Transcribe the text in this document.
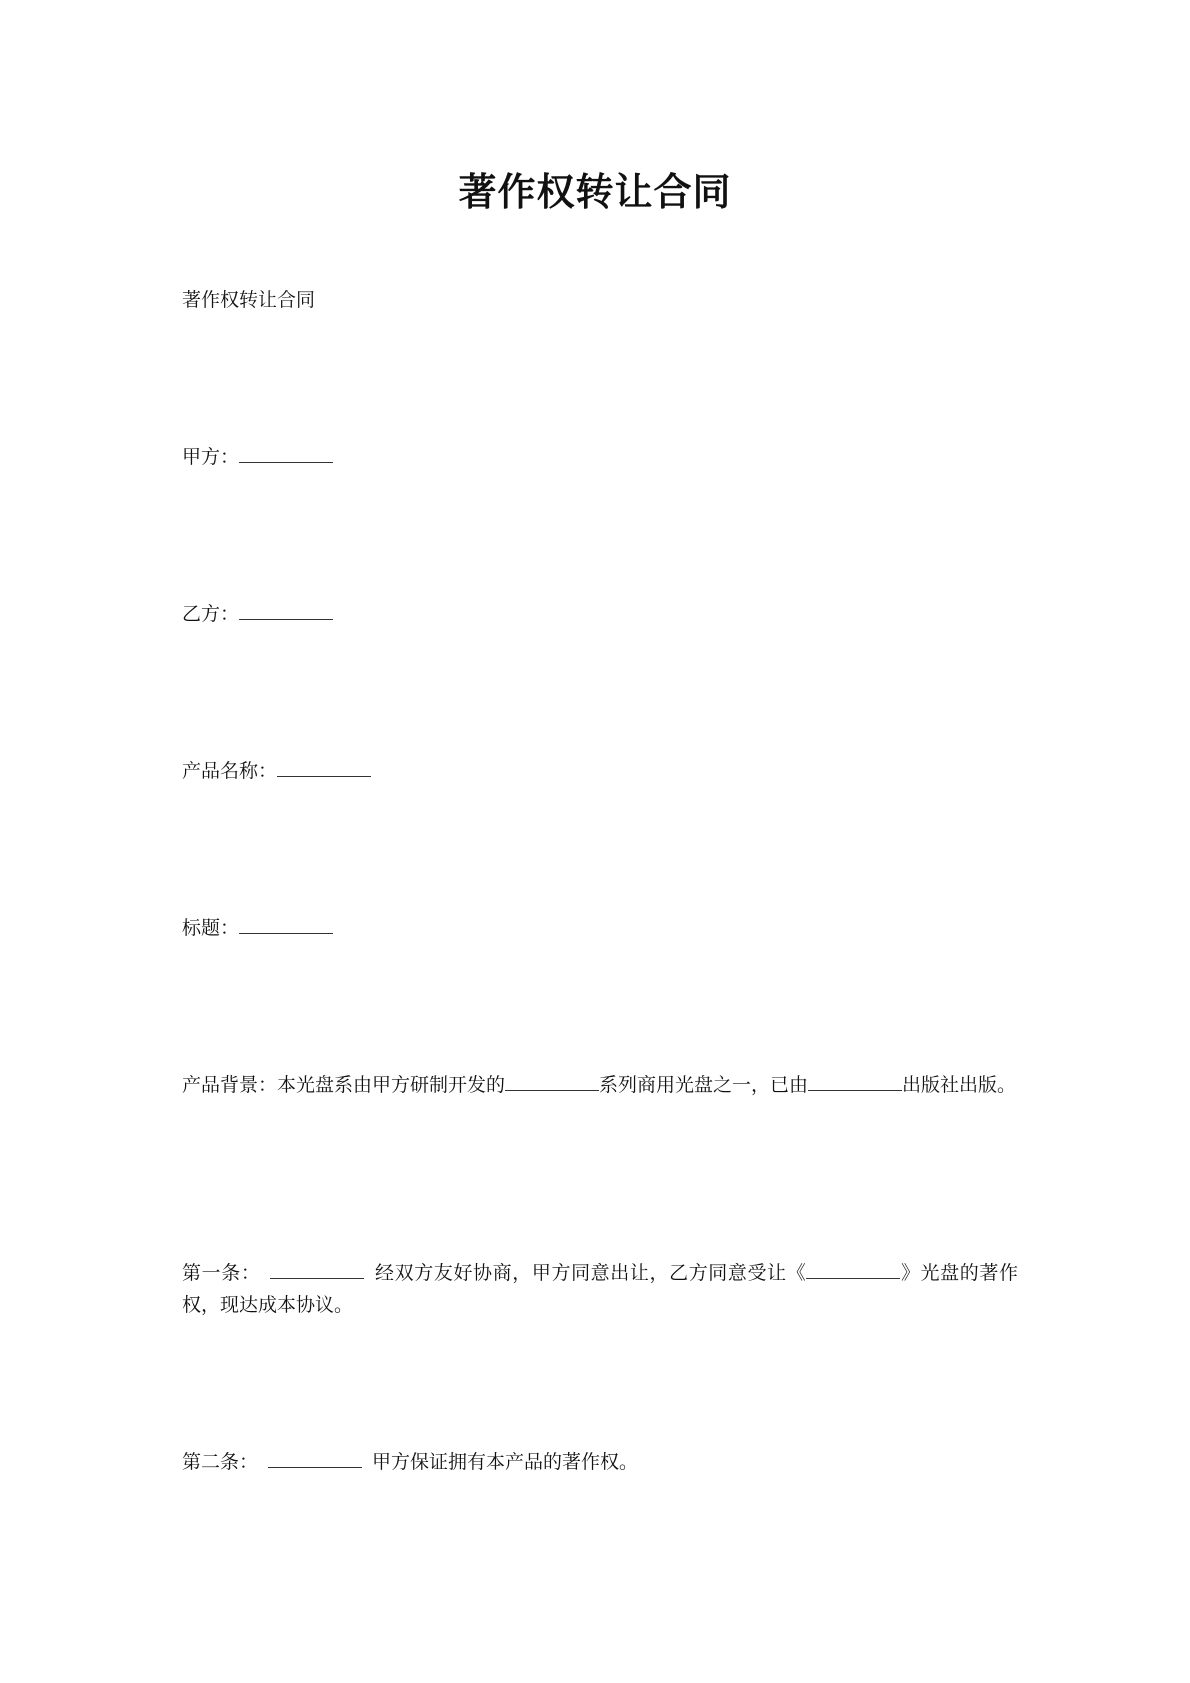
著作权转让合同
著作权转让合同
甲方：
乙方：
产品名称：
标题：
产品背景：本光盘系由甲方研制开发的	系列商用光盘之一，已由	出版社出版。
第一条：	经双方友好协商，甲方同意出让，乙方同意受让《	》光盘的著作权，现达成本协议。
第二条：	甲方保证拥有本产品的著作权。
